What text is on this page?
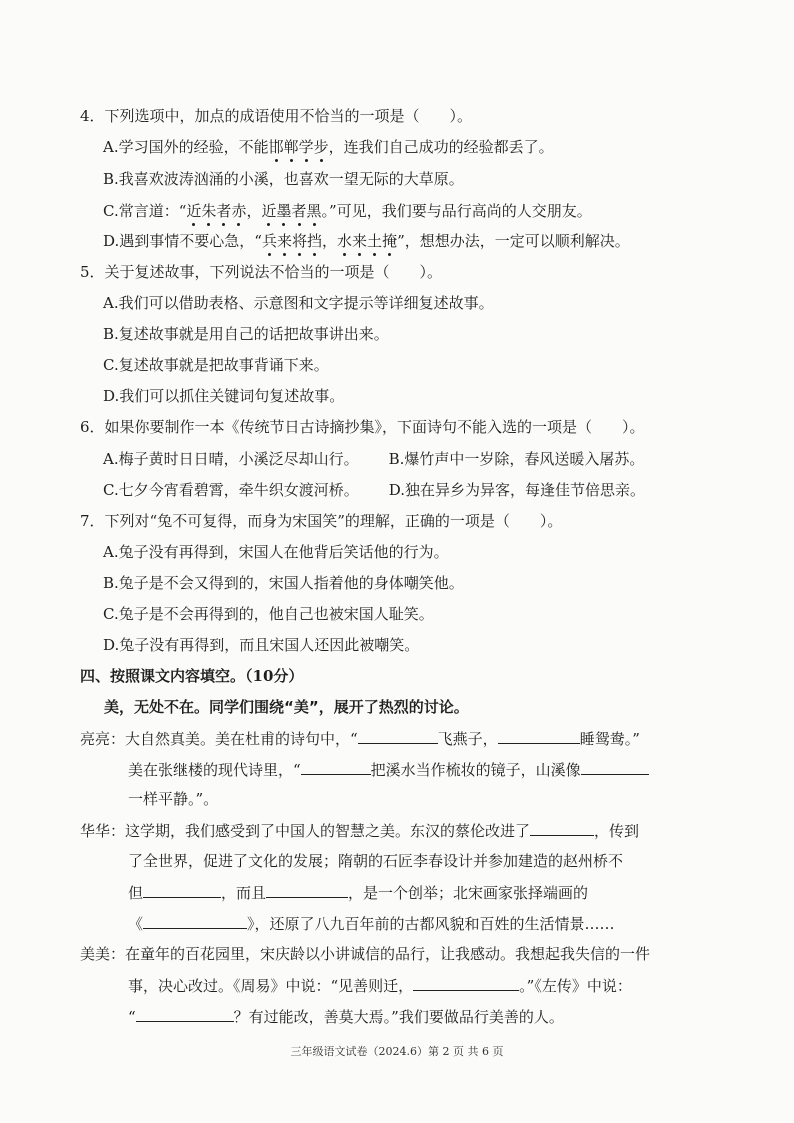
4．下列选项中，加点的成语使用不恰当的一项是（　　）。
A.学习国外的经验，不能邯郸学步，连我们自己成功的经验都丢了。
B.我喜欢波涛汹涌的小溪，也喜欢一望无际的大草原。
C.常言道：“近朱者赤，近墨者黑。”可见，我们要与品行高尚的人交朋友。
D.遇到事情不要心急，“兵来将挡，水来土掩”，想想办法，一定可以顺利解决。
5．关于复述故事，下列说法不恰当的一项是（　　）。
A.我们可以借助表格、示意图和文字提示等详细复述故事。
B.复述故事就是用自己的话把故事讲出来。
C.复述故事就是把故事背诵下来。
D.我们可以抓住关键词句复述故事。
6．如果你要制作一本《传统节日古诗摘抄集》，下面诗句不能入选的一项是（　　）。
A.梅子黄时日日晴，小溪泛尽却山行。 B.爆竹声中一岁除，春风送暖入屠苏。
C.七夕今宵看碧霄，牵牛织女渡河桥。 D.独在异乡为异客，每逢佳节倍思亲。
7．下列对“兔不可复得，而身为宋国笑”的理解，正确的一项是（　　）。
A.兔子没有再得到，宋国人在他背后笑话他的行为。
B.兔子是不会又得到的，宋国人指着他的身体嘲笑他。
C.兔子是不会再得到的，他自己也被宋国人耻笑。
D.兔子没有再得到，而且宋国人还因此被嘲笑。
四、按照课文内容填空。（10分）
美，无处不在。同学们围绕“美”，展开了热烈的讨论。
亮亮：大自然真美。美在杜甫的诗句中，“	飞燕子，	睡鸳鸯。”
美在张继楼的现代诗里，“	把溪水当作梳妆的镜子，山溪像
一样平静。”。
华华：这学期，我们感受到了中国人的智慧之美。东汉的蔡伦改进了	，传到
了全世界，促进了文化的发展；隋朝的石匠李春设计并参加建造的赵州桥不
但	，而且	，是一个创举；北宋画家张择端画的
《	》，还原了八九百年前的古都风貌和百姓的生活情景……
美美：在童年的百花园里，宋庆龄以小讲诚信的品行，让我感动。我想起我失信的一件
事，决心改过。《周易》中说：“见善则迁，	。”《左传》中说：
“	？有过能改，善莫大焉。”我们要做品行美善的人。
三年级语文试卷（2024.6）第 2 页 共 6 页
